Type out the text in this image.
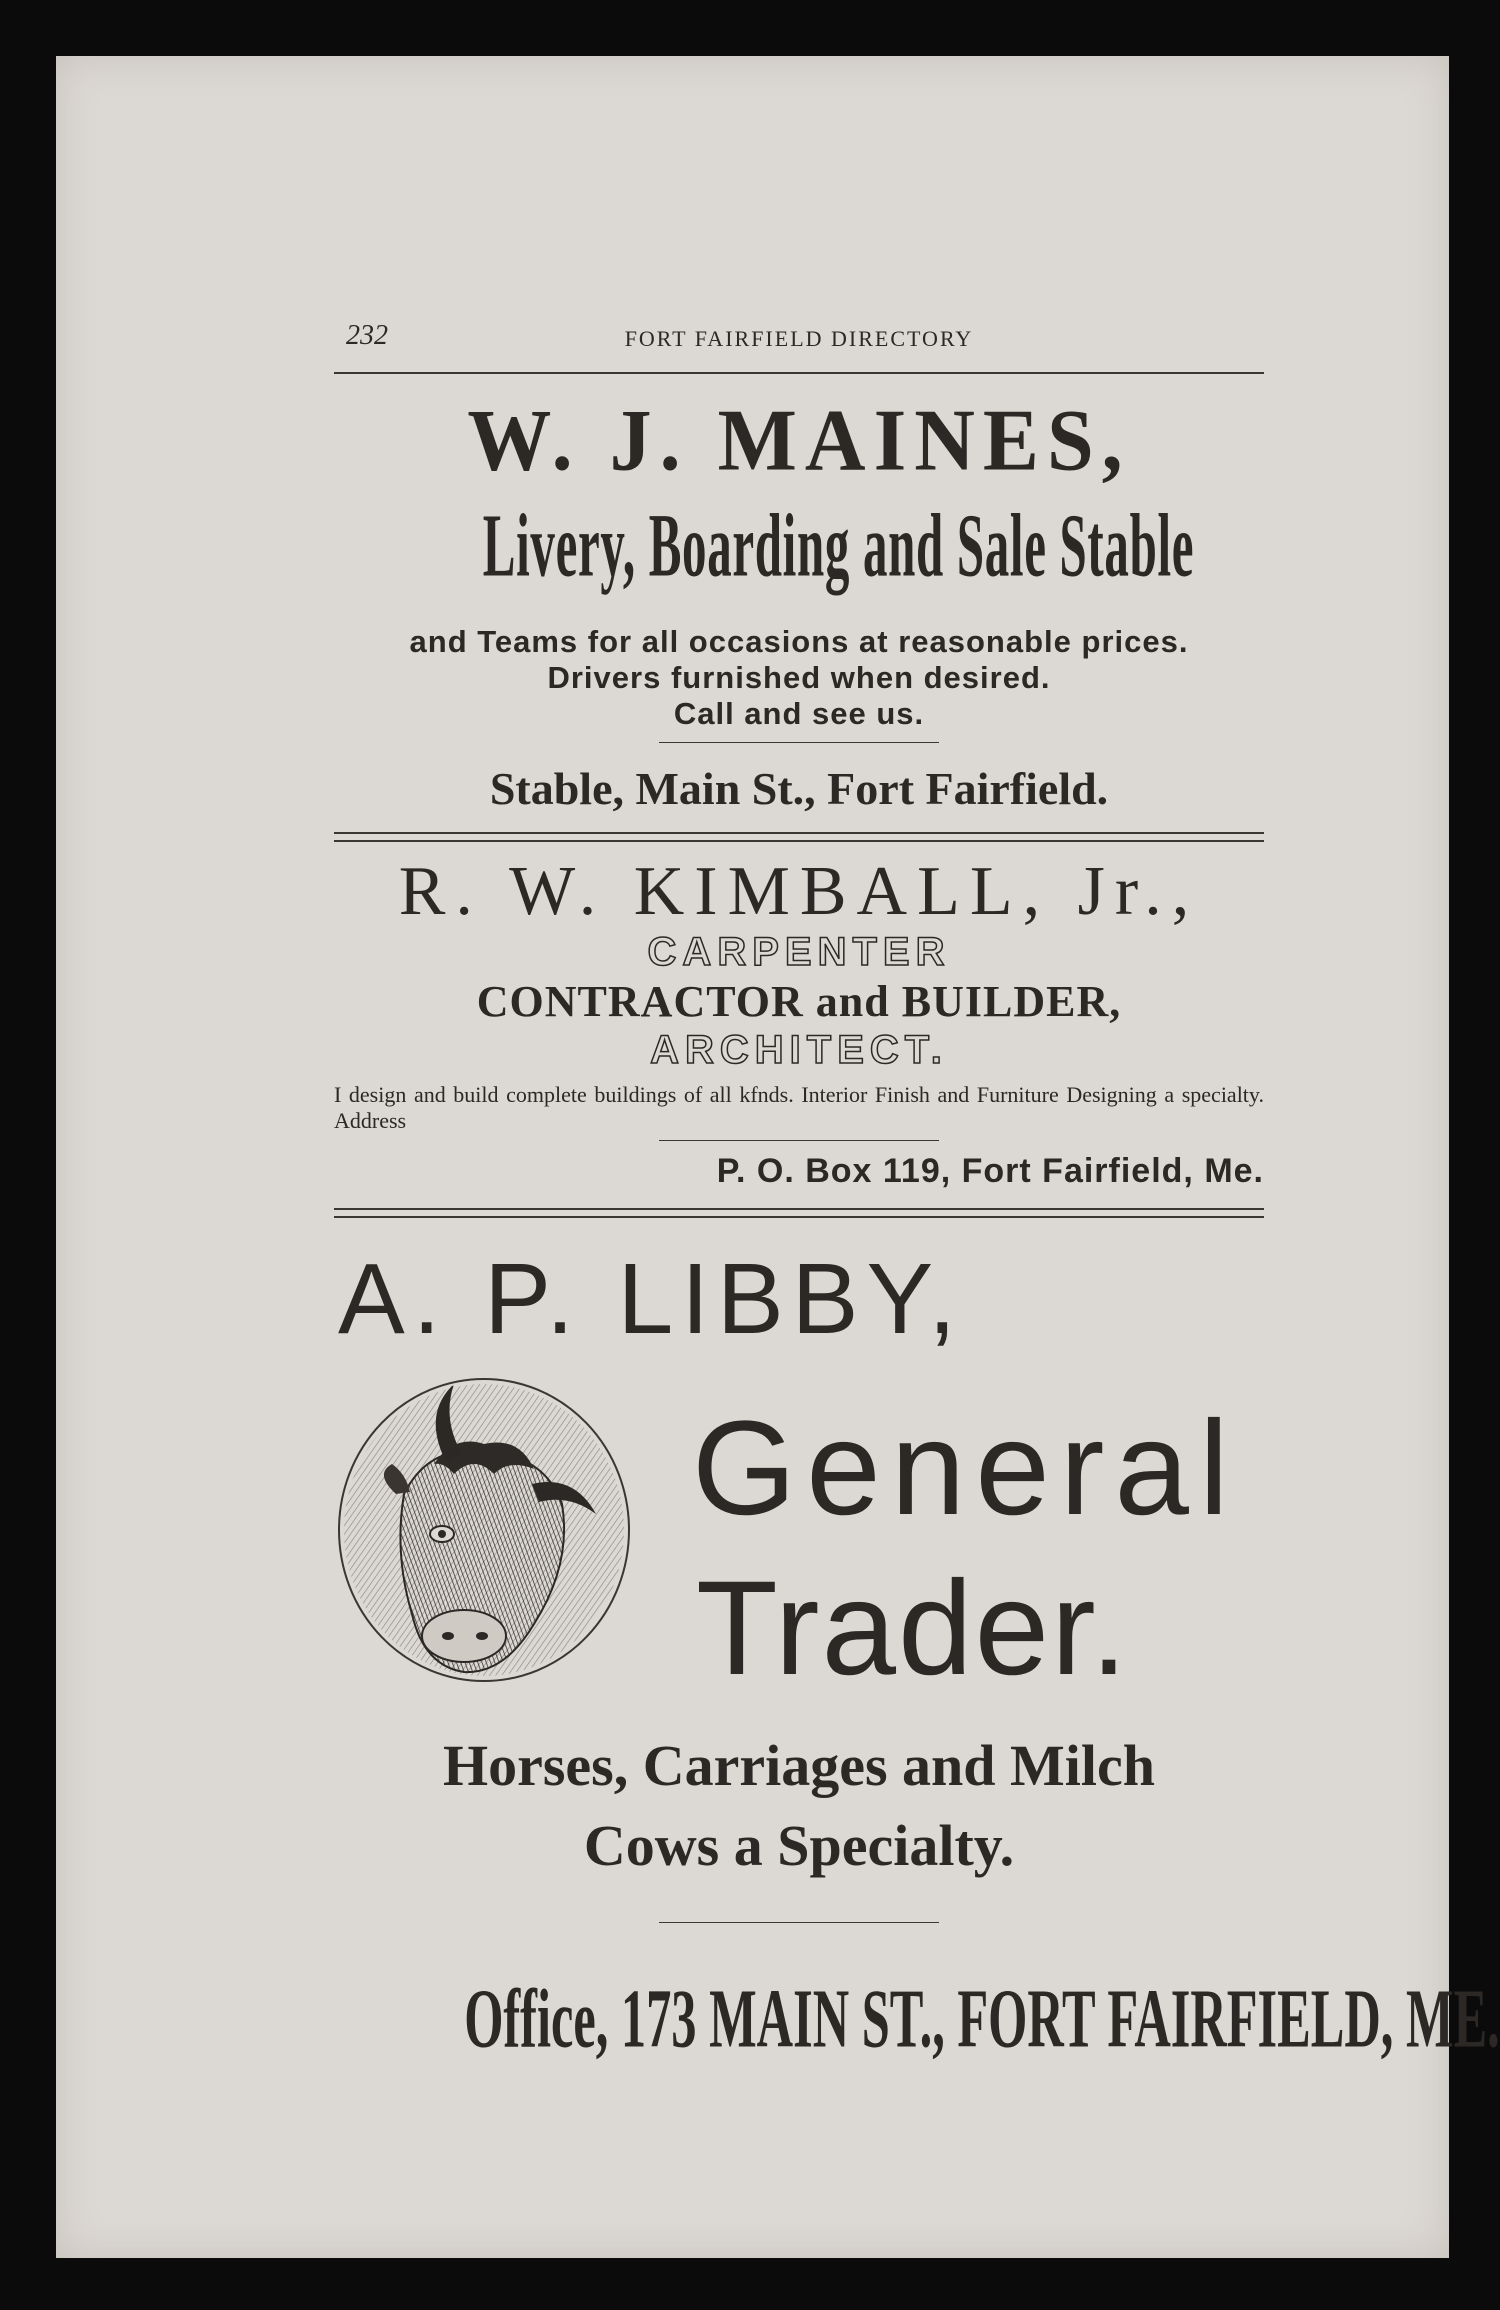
232	FORT FAIRFIELD DIRECTORY
W. J. MAINES,
Livery, Boarding and Sale Stable
and Teams for all occasions at reasonable prices.
Drivers furnished when desired.
Call and see us.
Stable, Main St., Fort Fairfield.
R. W. KIMBALL, Jr.,
CARPENTER
CONTRACTOR and BUILDER,
ARCHITECT.
I design and build complete buildings of all kfnds. Interior Finish and Furniture Designing a specialty. Address
P. O. Box 119, Fort Fairfield, Me.
A. P. LIBBY,
General
Trader.
Horses, Carriages and Milch
Cows a Specialty.
Office, 173 MAIN ST., FORT FAIRFIELD, ME.
